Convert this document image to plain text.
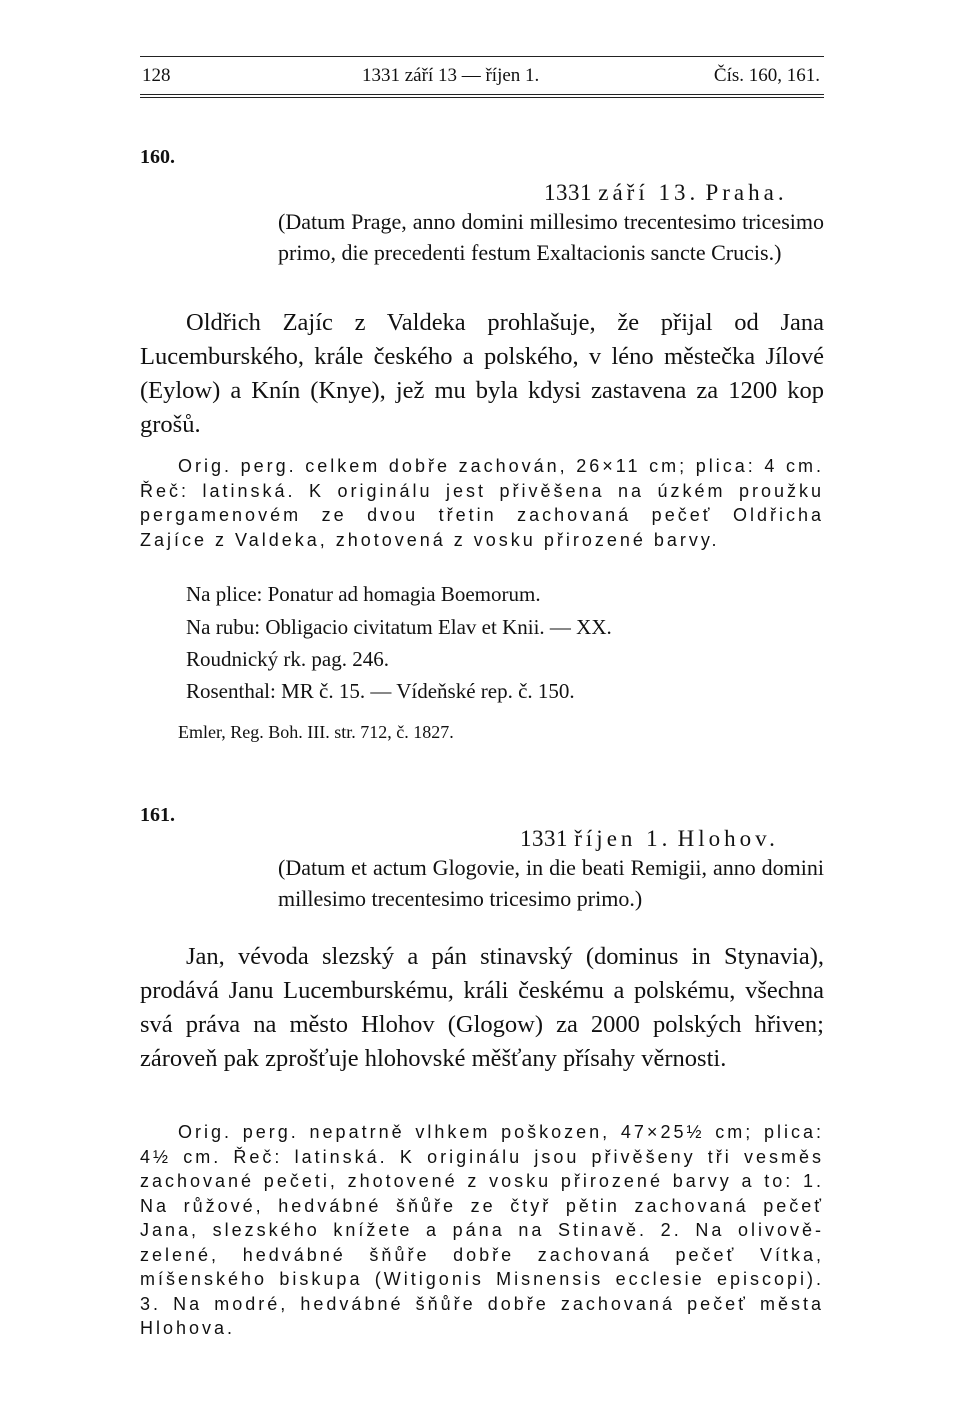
128	1331 září 13 — říjen 1.	Čís. 160, 161.
160.
1331 září 13. Praha.
(Datum Prage, anno domini millesimo trecentesimo tricesimo primo, die precedenti festum Exaltacionis sancte Crucis.)
Oldřich Zajíc z Valdeka prohlašuje, že přijal od Jana Lucemburského, krále českého a polského, v léno městečka Jílové (Eylow) a Knín (Knye), jež mu byla kdysi zastavena za 1200 kop grošů.
Orig. perg. celkem dobře zachován, 26×11 cm; plica: 4 cm. Řeč: latinská. K originálu jest přivěšena na úzkém proužku pergamenovém ze dvou třetin zachovaná pečeť Oldřicha Zajíce z Valdeka, zhotovená z vosku přirozené barvy.
Na plice: Ponatur ad homagia Boemorum.
Na rubu: Obligacio civitatum Elav et Knii. — XX.
Roudnický rk. pag. 246.
Rosenthal: MR č. 15. — Vídeňské rep. č. 150.
Emler, Reg. Boh. III. str. 712, č. 1827.
161.
1331 říjen 1. Hlohov.
(Datum et actum Glogovie, in die beati Remigii, anno domini millesimo trecentesimo tricesimo primo.)
Jan, vévoda slezský a pán stinavský (dominus in Stynavia), prodává Janu Lucemburskému, králi českému a polskému, všechna svá práva na město Hlohov (Glogow) za 2000 polských hřiven; zároveň pak zprošťuje hlohovské měšťany přísahy věrnosti.
Orig. perg. nepatrně vlhkem poškozen, 47×25½ cm; plica: 4½ cm. Řeč: latinská. K originálu jsou přivěšeny tři vesměs zachované pečeti, zhotovené z vosku přirozené barvy a to: 1. Na růžové, hedvábné šňůře ze čtyř pětin zachovaná pečeť Jana, slezského knížete a pána na Stinavě. 2. Na olivově-zelené, hedvábné šňůře dobře zachovaná pečeť Vítka, míšenského biskupa (Witigonis Misnensis ecclesie episcopi). 3. Na modré, hedvábné šňůře dobře zachovaná pečeť města Hlohova.
